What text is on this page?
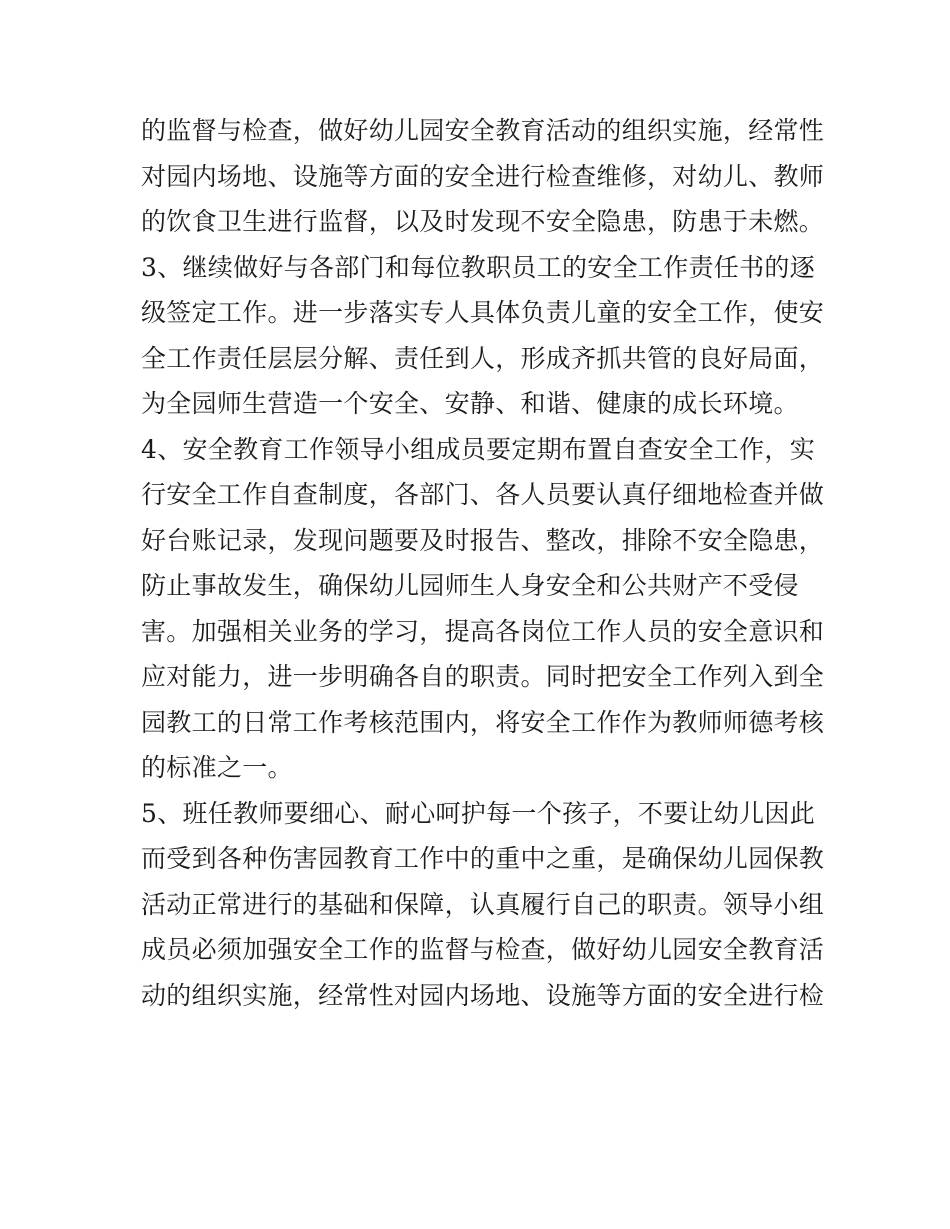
的监督与检查，做好幼儿园安全教育活动的组织实施，经常性

对园内场地、设施等方面的安全进行检查维修，对幼儿、教师

的饮食卫生进行监督，以及时发现不安全隐患，防患于未燃。

3、继续做好与各部门和每位教职员工的安全工作责任书的逐

级签定工作。进一步落实专人具体负责儿童的安全工作，使安

全工作责任层层分解、责任到人，形成齐抓共管的良好局面，

为全园师生营造一个安全、安静、和谐、健康的成长环境。

4、安全教育工作领导小组成员要定期布置自查安全工作，实

行安全工作自查制度，各部门、各人员要认真仔细地检查并做

好台账记录，发现问题要及时报告、整改，排除不安全隐患，

防止事故发生，确保幼儿园师生人身安全和公共财产不受侵

害。加强相关业务的学习，提高各岗位工作人员的安全意识和

应对能力，进一步明确各自的职责。同时把安全工作列入到全

园教工的日常工作考核范围内，将安全工作作为教师师德考核

的标准之一。

5、班任教师要细心、耐心呵护每一个孩子，不要让幼儿因此

而受到各种伤害园教育工作中的重中之重，是确保幼儿园保教

活动正常进行的基础和保障，认真履行自己的职责。领导小组

成员必须加强安全工作的监督与检查，做好幼儿园安全教育活

动的组织实施，经常性对园内场地、设施等方面的安全进行检
